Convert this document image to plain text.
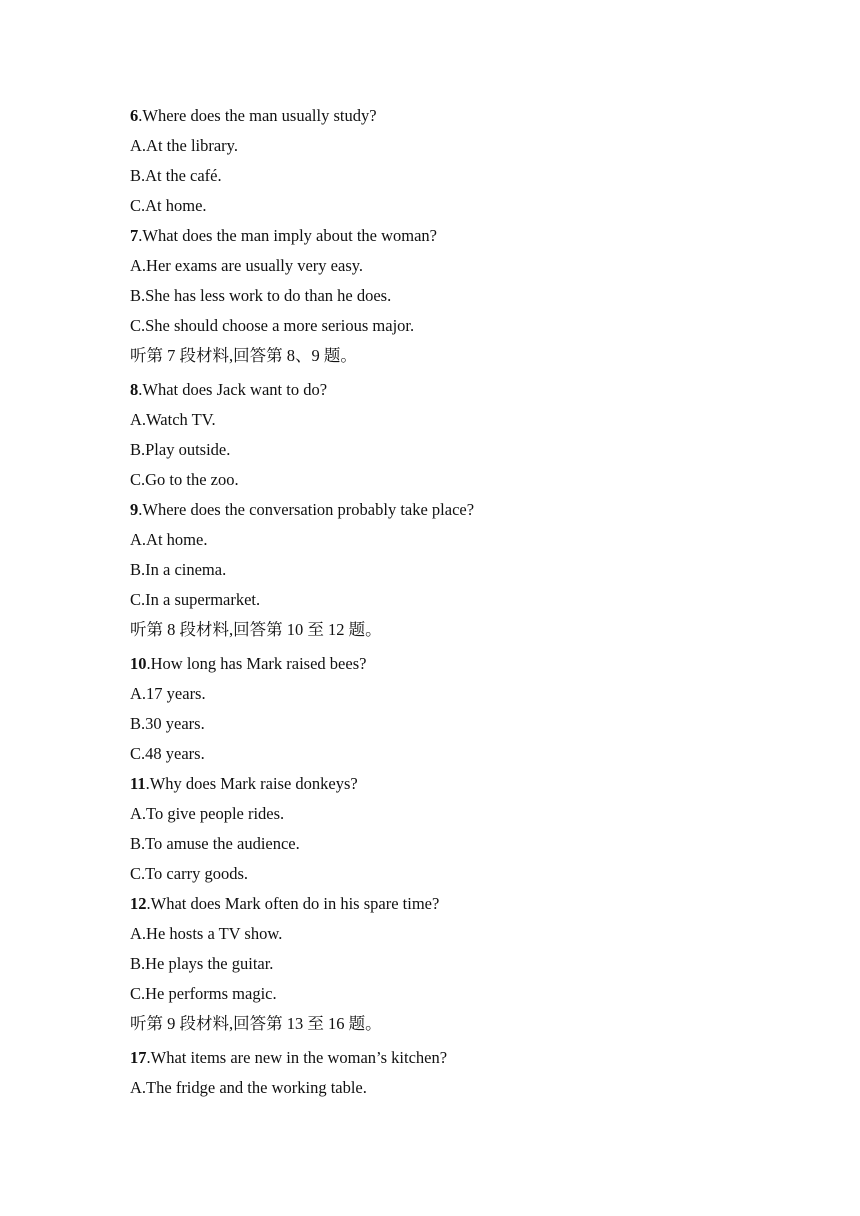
6.Where does the man usually study?
A.At the library.
B.At the café.
C.At home.
7.What does the man imply about the woman?
A.Her exams are usually very easy.
B.She has less work to do than he does.
C.She should choose a more serious major.
听第 7 段材料,回答第 8、9 题。
8.What does Jack want to do?
A.Watch TV.
B.Play outside.
C.Go to the zoo.
9.Where does the conversation probably take place?
A.At home.
B.In a cinema.
C.In a supermarket.
听第 8 段材料,回答第 10 至 12 题。
10.How long has Mark raised bees?
A.17 years.
B.30 years.
C.48 years.
11.Why does Mark raise donkeys?
A.To give people rides.
B.To amuse the audience.
C.To carry goods.
12.What does Mark often do in his spare time?
A.He hosts a TV show.
B.He plays the guitar.
C.He performs magic.
听第 9 段材料,回答第 13 至 16 题。
17.What items are new in the woman’s kitchen?
A.The fridge and the working table.
